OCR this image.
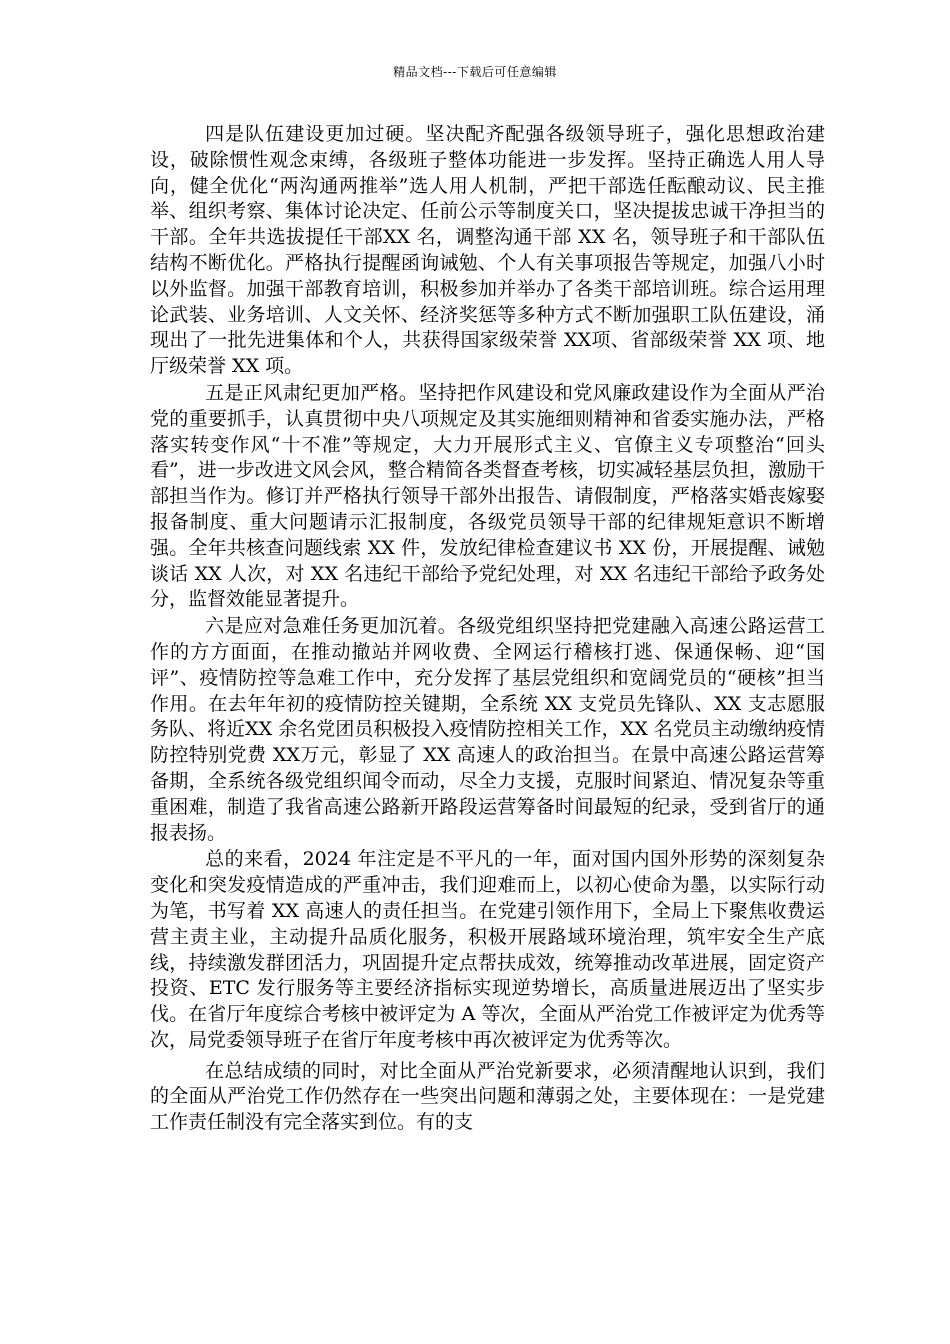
精品文档---下载后可任意编辑

四是队伍建设更加过硬。坚决配齐配强各级领导班子，强化思想政治建设，破除惯性观念束缚，各级班子整体功能进一步发挥。坚持正确选人用人导向，健全优化“两沟通两推举”选人用人机制，严把干部选任酝酿动议、民主推举、组织考察、集体讨论决定、任前公示等制度关口，坚决提拔忠诚干净担当的干部。全年共选拔提任干部XX 名，调整沟通干部 XX 名，领导班子和干部队伍结构不断优化。严格执行提醒函询诫勉、个人有关事项报告等规定，加强八小时以外监督。加强干部教育培训，积极参加并举办了各类干部培训班。综合运用理论武装、业务培训、人文关怀、经济奖惩等多种方式不断加强职工队伍建设，涌现出了一批先进集体和个人，共获得国家级荣誉 XX项、省部级荣誉 XX 项、地厅级荣誉 XX 项。

五是正风肃纪更加严格。坚持把作风建设和党风廉政建设作为全面从严治党的重要抓手，认真贯彻中央八项规定及其实施细则精神和省委实施办法，严格落实转变作风“十不准”等规定，大力开展形式主义、官僚主义专项整治“回头看”，进一步改进文风会风，整合精简各类督查考核，切实减轻基层负担，激励干部担当作为。修订并严格执行领导干部外出报告、请假制度，严格落实婚丧嫁娶报备制度、重大问题请示汇报制度，各级党员领导干部的纪律规矩意识不断增强。全年共核查问题线索 XX 件，发放纪律检查建议书 XX 份，开展提醒、诫勉谈话 XX 人次，对 XX 名违纪干部给予党纪处理，对 XX 名违纪干部给予政务处分，监督效能显著提升。

六是应对急难任务更加沉着。各级党组织坚持把党建融入高速公路运营工作的方方面面，在推动撤站并网收费、全网运行稽核打逃、保通保畅、迎“国评”、疫情防控等急难工作中，充分发挥了基层党组织和宽阔党员的“硬核”担当作用。在去年年初的疫情防控关键期，全系统 XX 支党员先锋队、XX 支志愿服务队、将近XX 余名党团员积极投入疫情防控相关工作，XX 名党员主动缴纳疫情防控特别党费 XX万元，彰显了 XX 高速人的政治担当。在景中高速公路运营筹备期，全系统各级党组织闻令而动，尽全力支援，克服时间紧迫、情况复杂等重重困难，制造了我省高速公路新开路段运营筹备时间最短的纪录，受到省厅的通报表扬。

总的来看，2024 年注定是不平凡的一年，面对国内国外形势的深刻复杂变化和突发疫情造成的严重冲击，我们迎难而上，以初心使命为墨，以实际行动为笔，书写着 XX 高速人的责任担当。在党建引领作用下，全局上下聚焦收费运营主责主业，主动提升品质化服务，积极开展路域环境治理，筑牢安全生产底线，持续激发群团活力，巩固提升定点帮扶成效，统筹推动改革进展，固定资产投资、ETC 发行服务等主要经济指标实现逆势增长，高质量进展迈出了坚实步伐。在省厅年度综合考核中被评定为 A 等次，全面从严治党工作被评定为优秀等次，局党委领导班子在省厅年度考核中再次被评定为优秀等次。

在总结成绩的同时，对比全面从严治党新要求，必须清醒地认识到，我们的全面从严治党工作仍然存在一些突出问题和薄弱之处，主要体现在：一是党建工作责任制没有完全落实到位。有的支
